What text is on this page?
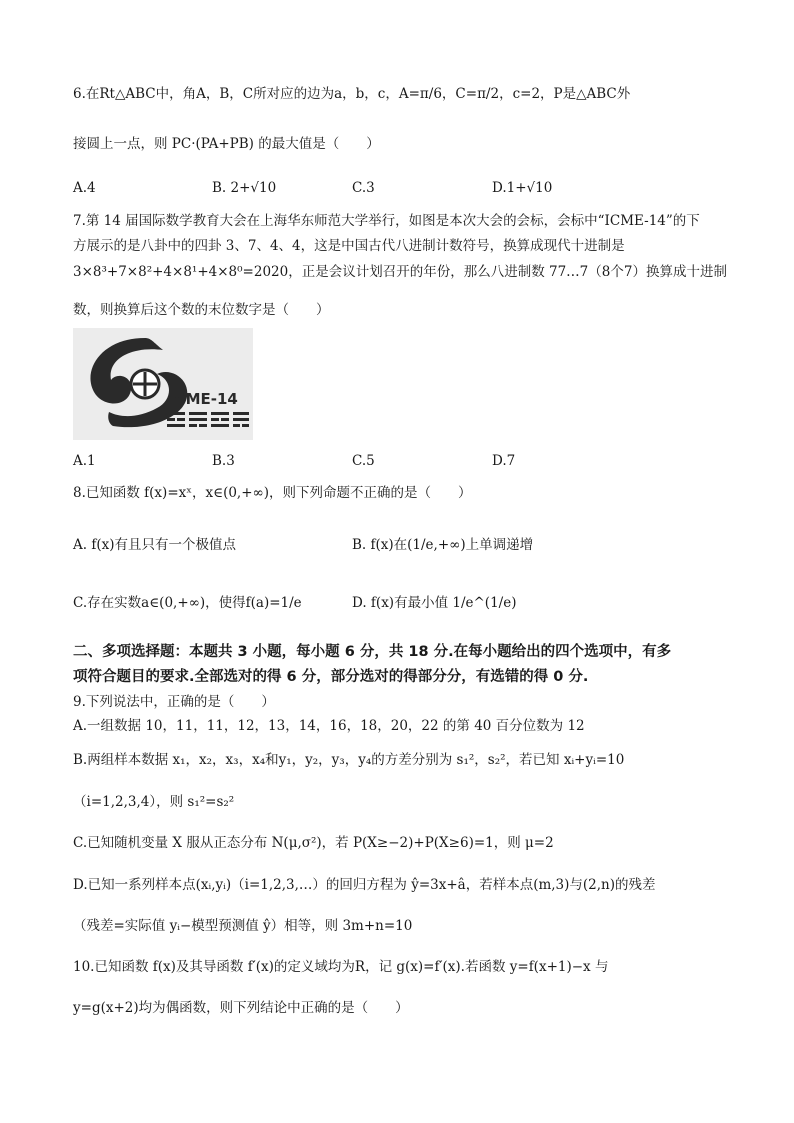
6.在Rt△ABC中，角A，B，C所对应的边为a，b，c，A=π/6，C=π/2，c=2，P是△ABC外
接圆上一点，则 PC·(PA+PB) 的最大值是（　　）
A.4	B. 2+√10	C.3	D.1+√10
7.第 14 届国际数学教育大会在上海华东师范大学举行，如图是本次大会的会标，会标中“ICME-14”的下
方展示的是八卦中的四卦 3、7、4、4，这是中国古代八进制计数符号，换算成现代十进制是
3×8³+7×8²+4×8¹+4×8⁰=2020，正是会议计划召开的年份，那么八进制数 77…7（8个7）换算成十进制
数，则换算后这个数的末位数字是（　　）
ICME-14
A.1	B.3	C.5	D.7
8.已知函数 f(x)=xˣ，x∈(0,+∞)，则下列命题不正确的是（　　）
A. f(x)有且只有一个极值点	B. f(x)在(1/e,+∞)上单调递增
C.存在实数a∈(0,+∞)，使得f(a)=1/e	D. f(x)有最小值 1/e^(1/e)
二、多项选择题：本题共 3 小题，每小题 6 分，共 18 分.在每小题给出的四个选项中，有多
项符合题目的要求.全部选对的得 6 分，部分选对的得部分分，有选错的得 0 分.
9.下列说法中，正确的是（　　）
A.一组数据 10，11，11，12，13，14，16，18，20，22 的第 40 百分位数为 12
B.两组样本数据 x₁，x₂，x₃，x₄和y₁，y₂，y₃，y₄的方差分别为 s₁²，s₂²，若已知 xᵢ+yᵢ=10
（i=1,2,3,4），则 s₁²=s₂²
C.已知随机变量 X 服从正态分布 N(μ,σ²)，若 P(X≥−2)+P(X≥6)=1，则 μ=2
D.已知一系列样本点(xᵢ,yᵢ)（i=1,2,3,…）的回归方程为 ŷ=3x+â，若样本点(m,3)与(2,n)的残差
（残差=实际值 yᵢ−模型预测值 ŷ）相等，则 3m+n=10
10.已知函数 f(x)及其导函数 f′(x)的定义域均为R，记 g(x)=f′(x).若函数 y=f(x+1)−x 与
y=g(x+2)均为偶函数，则下列结论中正确的是（　　）
